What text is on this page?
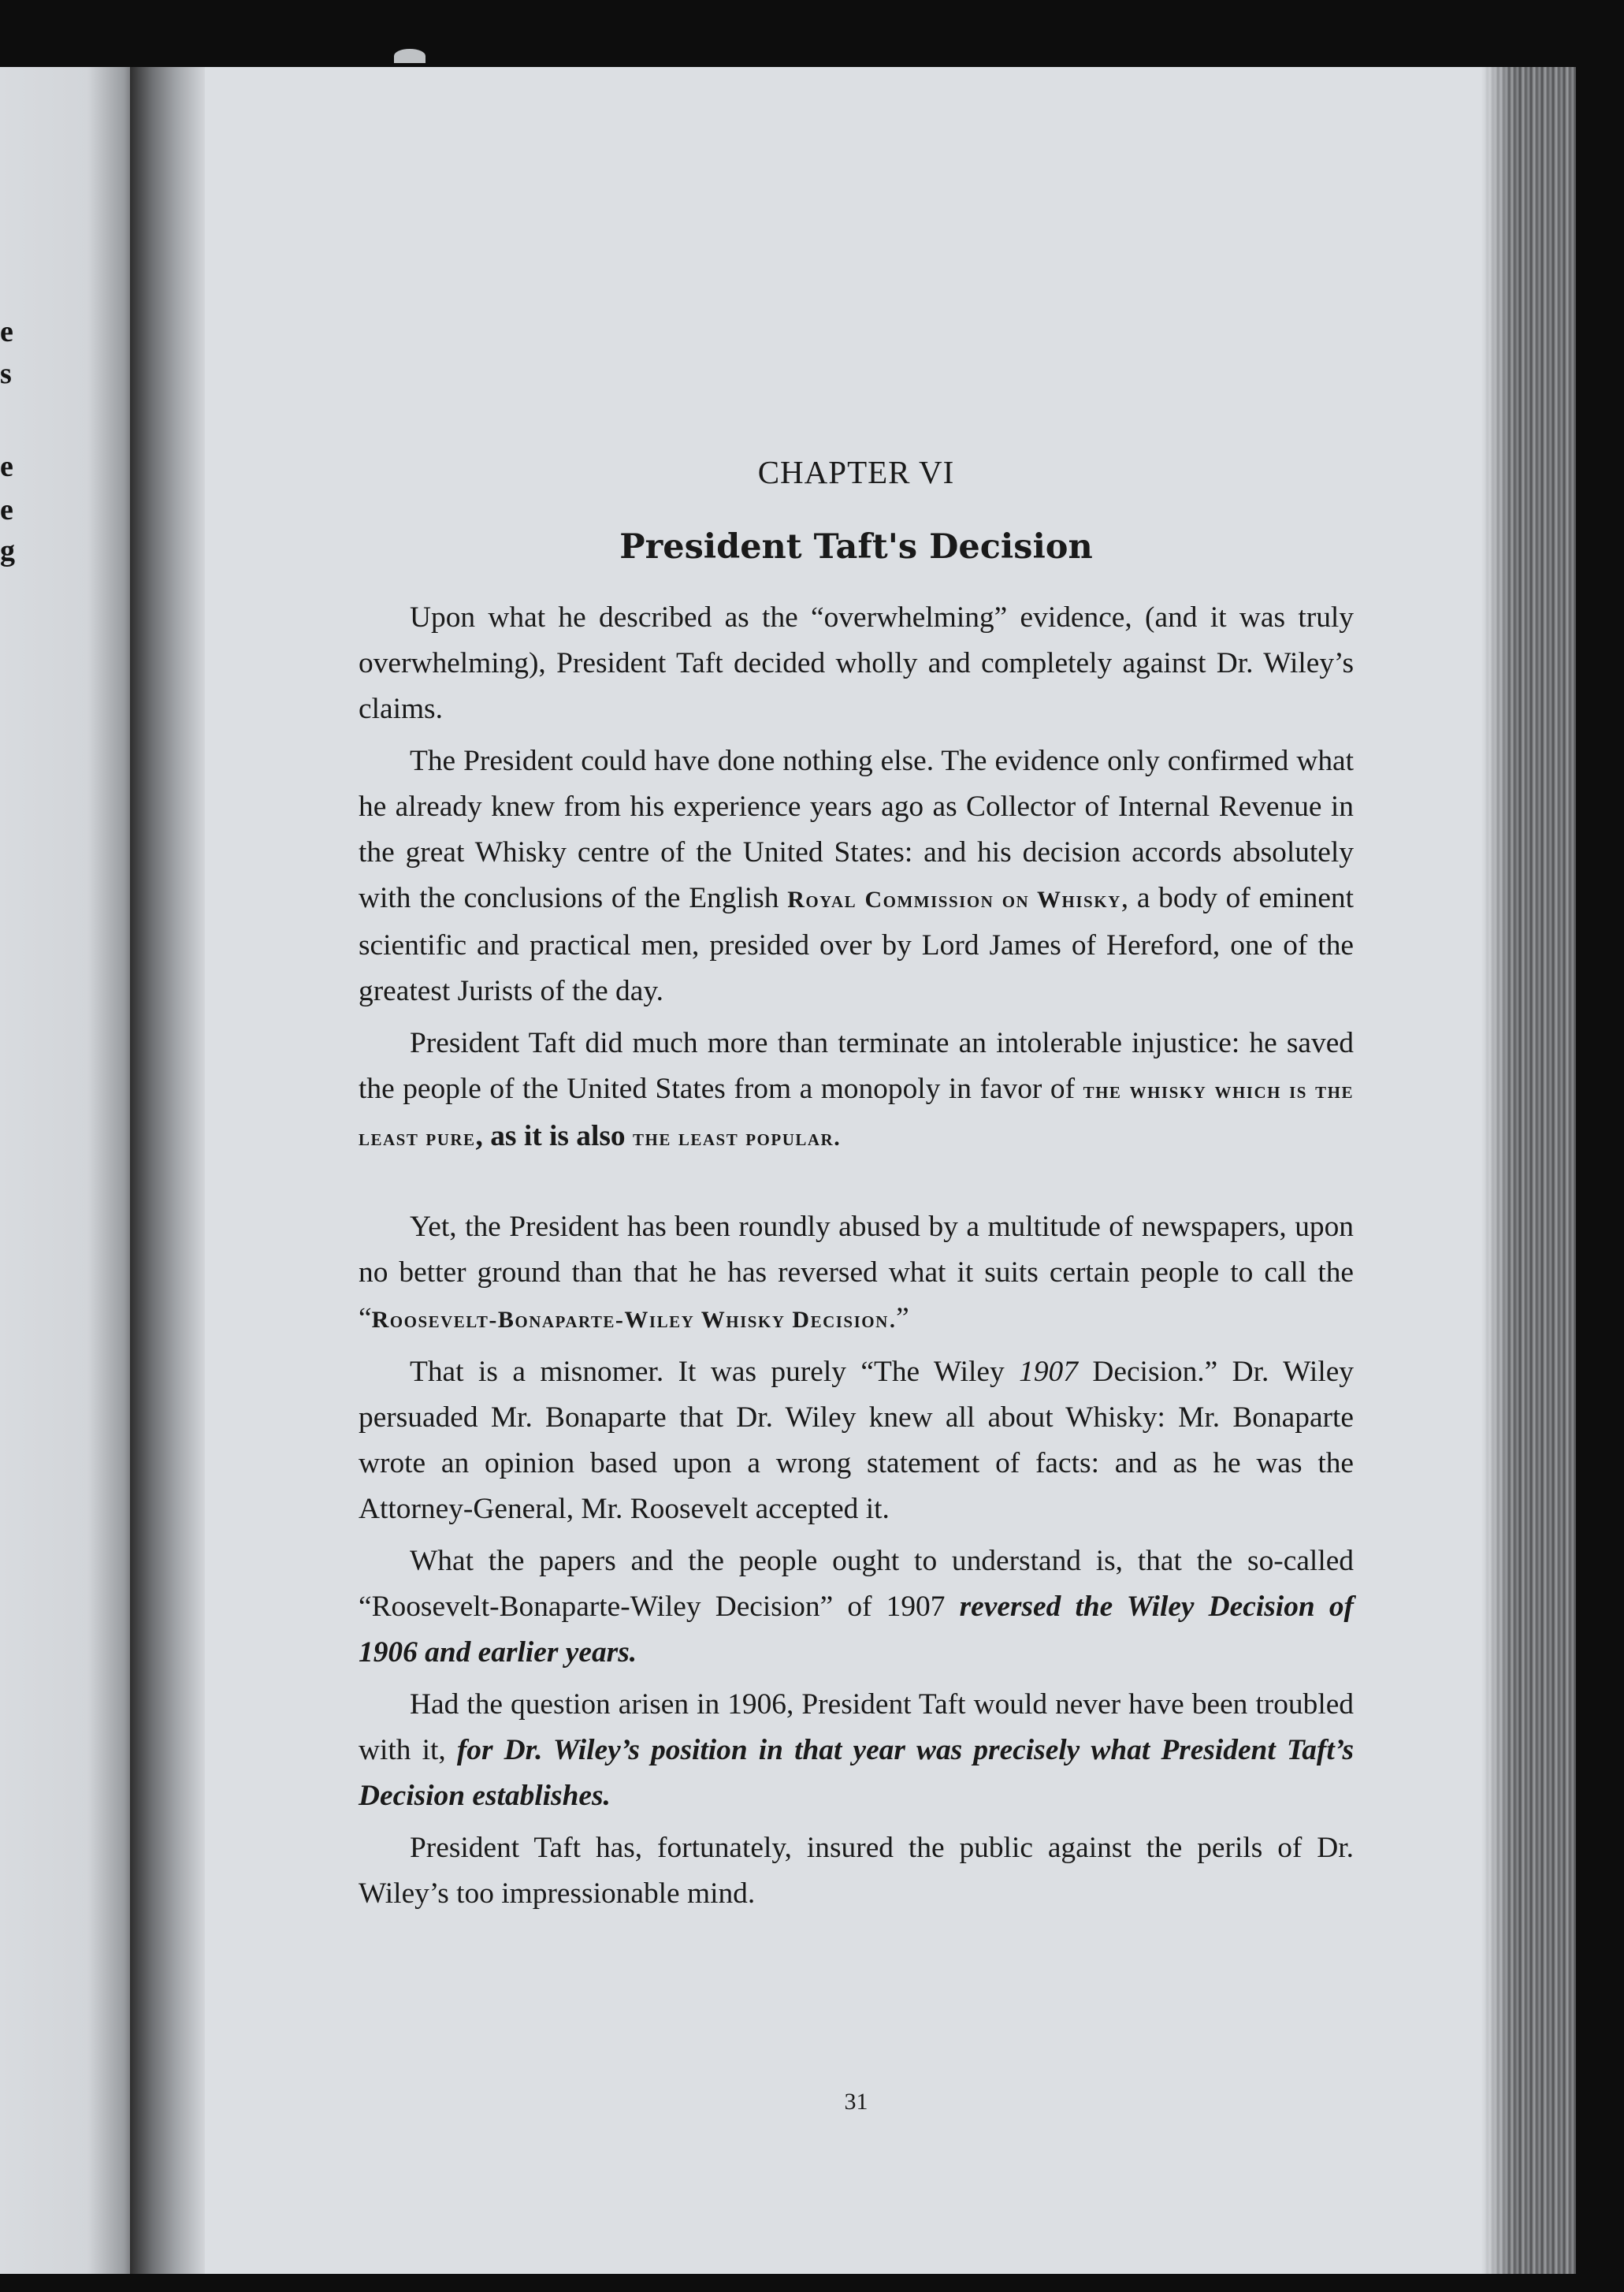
e
s
e
e
g
CHAPTER VI
President Taft's Decision

Upon what he described as the “overwhelming” evidence, (and it was truly overwhelming), President Taft decided wholly and completely against Dr. Wiley’s claims.

The President could have done nothing else. The evidence only confirmed what he already knew from his experience years ago as Collector of Internal Revenue in the great Whisky centre of the United States: and his decision accords absolutely with the conclusions of the English Royal Commission on Whisky, a body of eminent scientific and practical men, presided over by Lord James of Hereford, one of the greatest Jurists of the day.

President Taft did much more than terminate an intolerable injustice: he saved the people of the United States from a monopoly in favor of the whisky which is the least pure, as it is also the least popular.

Yet, the President has been roundly abused by a multitude of newspapers, upon no better ground than that he has reversed what it suits certain people to call the “Roosevelt-Bonaparte-Wiley Whisky Decision.”

That is a misnomer. It was purely “The Wiley 1907 Decision.” Dr. Wiley persuaded Mr. Bonaparte that Dr. Wiley knew all about Whisky: Mr. Bonaparte wrote an opinion based upon a wrong statement of facts: and as he was the Attorney-General, Mr. Roosevelt accepted it.

What the papers and the people ought to understand is, that the so-called “Roosevelt-Bonaparte-Wiley Decision” of 1907 reversed the Wiley Decision of 1906 and earlier years.

Had the question arisen in 1906, President Taft would never have been troubled with it, for Dr. Wiley’s position in that year was precisely what President Taft’s Decision establishes.

President Taft has, fortunately, insured the public against the perils of Dr. Wiley’s too impressionable mind.

31
